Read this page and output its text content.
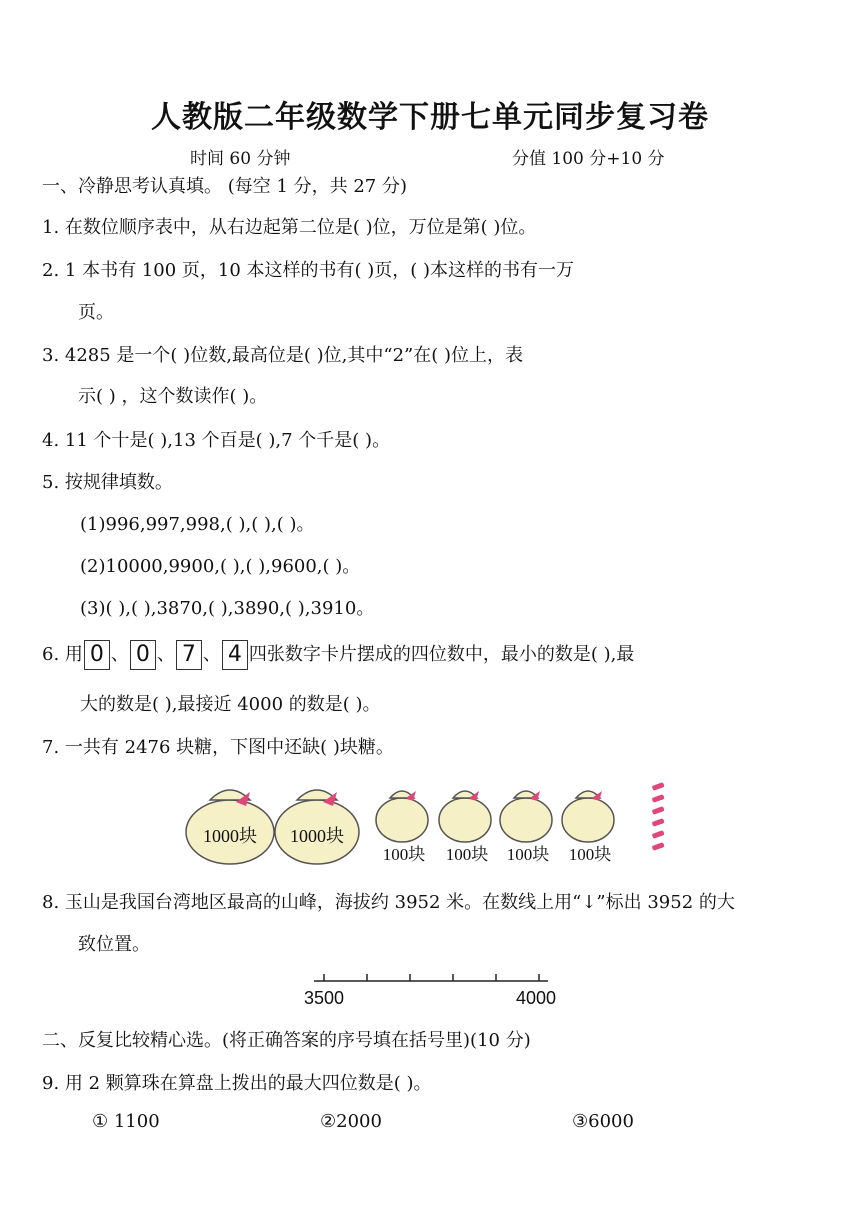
人教版二年级数学下册七单元同步复习卷
时间 60 分钟	分值 100 分+10 分
一、冷静思考认真填。 (每空 1 分，共 27 分)
1. 在数位顺序表中，从右边起第二位是( )位，万位是第( )位。
2. 1 本书有 100 页，10 本这样的书有( )页，( )本这样的书有一万
页。
3. 4285 是一个( )位数,最高位是( )位,其中“2”在( )位上，表
示( ) ，这个数读作( )。
4. 11 个十是( ),13 个百是( ),7 个千是( )。
5. 按规律填数。
(1)996,997,998,( ),( ),( )。
(2)10000,9900,( ),( ),9600,( )。
(3)( ),( ),3870,( ),3890,( ),3910。
6. 用 0 、 0 、 7 、 4 四张数字卡片摆成的四位数中，最小的数是( ),最
大的数是( ),最接近 4000 的数是( )。
7. 一共有 2476 块糖，下图中还缺( )块糖。
1000块 1000块
100块 100块 100块 100块
8. 玉山是我国台湾地区最高的山峰，海拔约 3952 米。在数线上用“↓”标出 3952 的大
致位置。
3500	4000
二、反复比较精心选。(将正确答案的序号填在括号里)(10 分)
9. 用 2 颗算珠在算盘上拨出的最大四位数是( )。
① 1100	②2000	③6000
